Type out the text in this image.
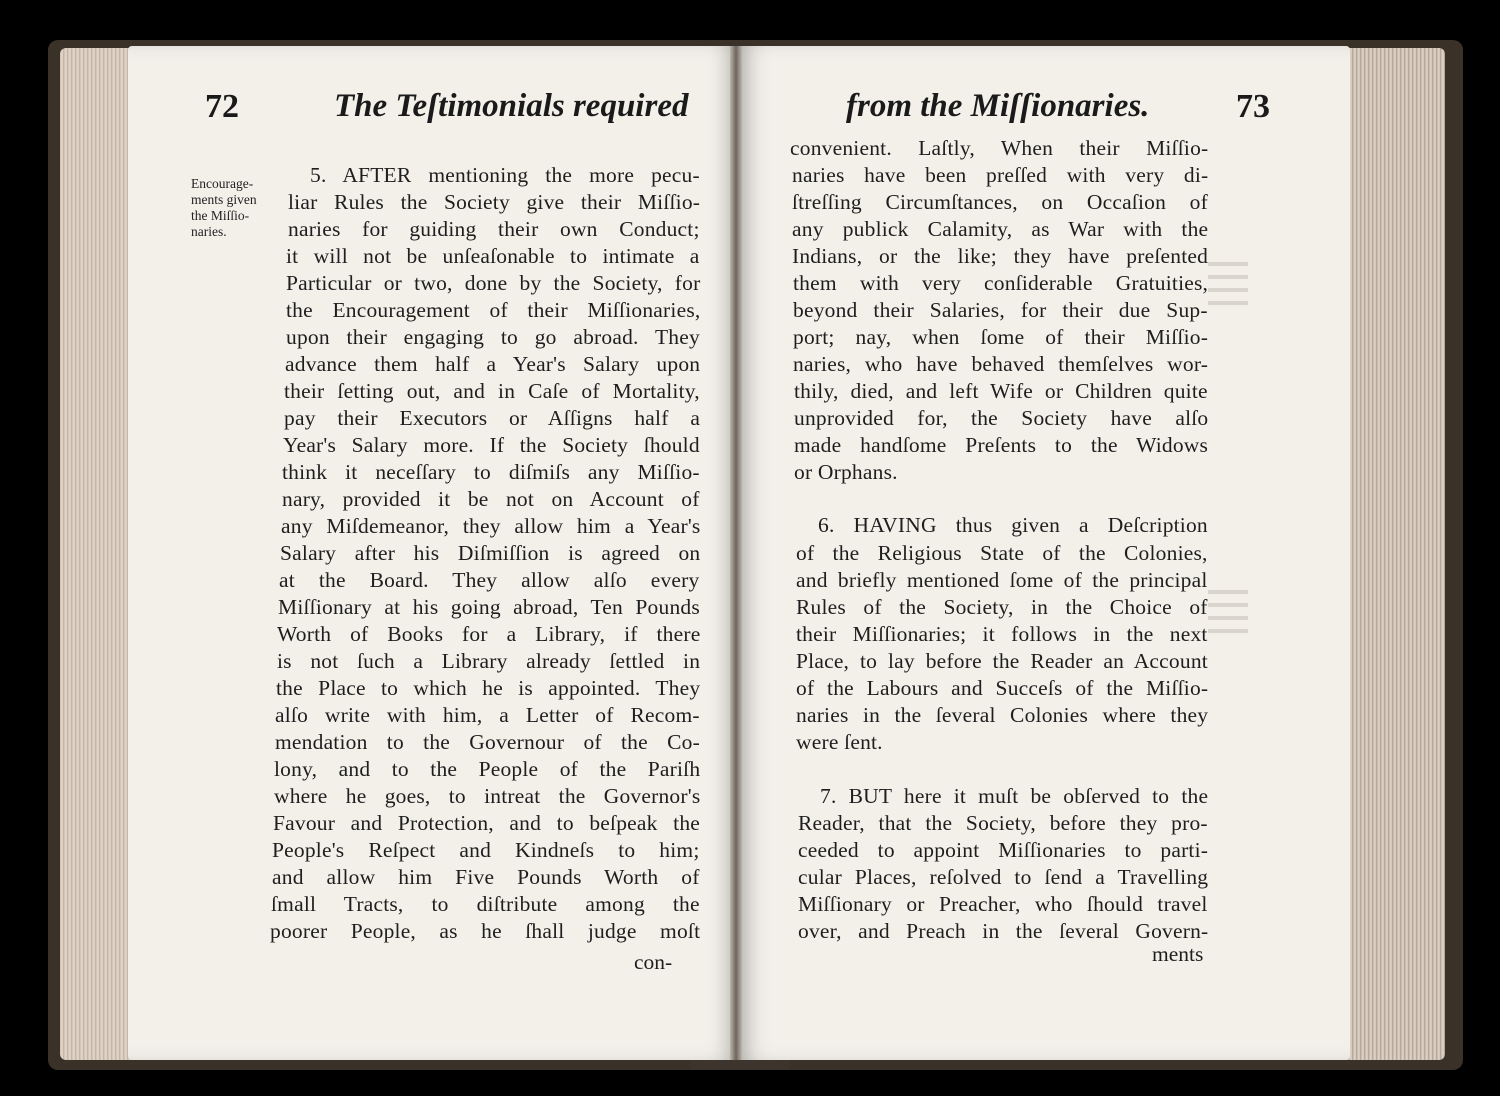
72	The Teſtimonials required
Encourage-
ments given
the Miſſio-
naries.
5. AFTER mentioning the more pecu-
liar Rules the Society give their Miſſio-
naries for guiding their own Conduct;
it will not be unſeaſonable to intimate a
Particular or two, done by the Society, for
the Encouragement of their Miſſionaries,
upon their engaging to go abroad. They
advance them half a Year's Salary upon
their ſetting out, and in Caſe of Mortality,
pay their Executors or Aſſigns half a
Year's Salary more. If the Society ſhould
think it neceſſary to diſmiſs any Miſſio-
nary, provided it be not on Account of
any Miſdemeanor, they allow him a Year's
Salary after his Diſmiſſion is agreed on
at the Board. They allow alſo every
Miſſionary at his going abroad, Ten Pounds
Worth of Books for a Library, if there
is not ſuch a Library already ſettled in
the Place to which he is appointed. They
alſo write with him, a Letter of Recom-
mendation to the Governour of the Co-
lony, and to the People of the Pariſh
where he goes, to intreat the Governor's
Favour and Protection, and to beſpeak the
People's Reſpect and Kindneſs to him;
and allow him Five Pounds Worth of
ſmall Tracts, to diſtribute among the
poorer People, as he ſhall judge moſt
con-
from the Miſſionaries.	73
convenient. Laſtly, When their Miſſio-
naries have been preſſed with very di-
ſtreſſing Circumſtances, on Occaſion of
any publick Calamity, as War with the
Indians, or the like; they have preſented
them with very conſiderable Gratuities,
beyond their Salaries, for their due Sup-
port; nay, when ſome of their Miſſio-
naries, who have behaved themſelves wor-
thily, died, and left Wife or Children quite
unprovided for, the Society have alſo
made handſome Preſents to the Widows
or Orphans.
6. HAVING thus given a Deſcription
of the Religious State of the Colonies,
and briefly mentioned ſome of the principal
Rules of the Society, in the Choice of
their Miſſionaries; it follows in the next
Place, to lay before the Reader an Account
of the Labours and Succeſs of the Miſſio-
naries in the ſeveral Colonies where they
were ſent.
7. BUT here it muſt be obſerved to the
Reader, that the Society, before they pro-
ceeded to appoint Miſſionaries to parti-
cular Places, reſolved to ſend a Travelling
Miſſionary or Preacher, who ſhould travel
over, and Preach in the ſeveral Govern-
ments
